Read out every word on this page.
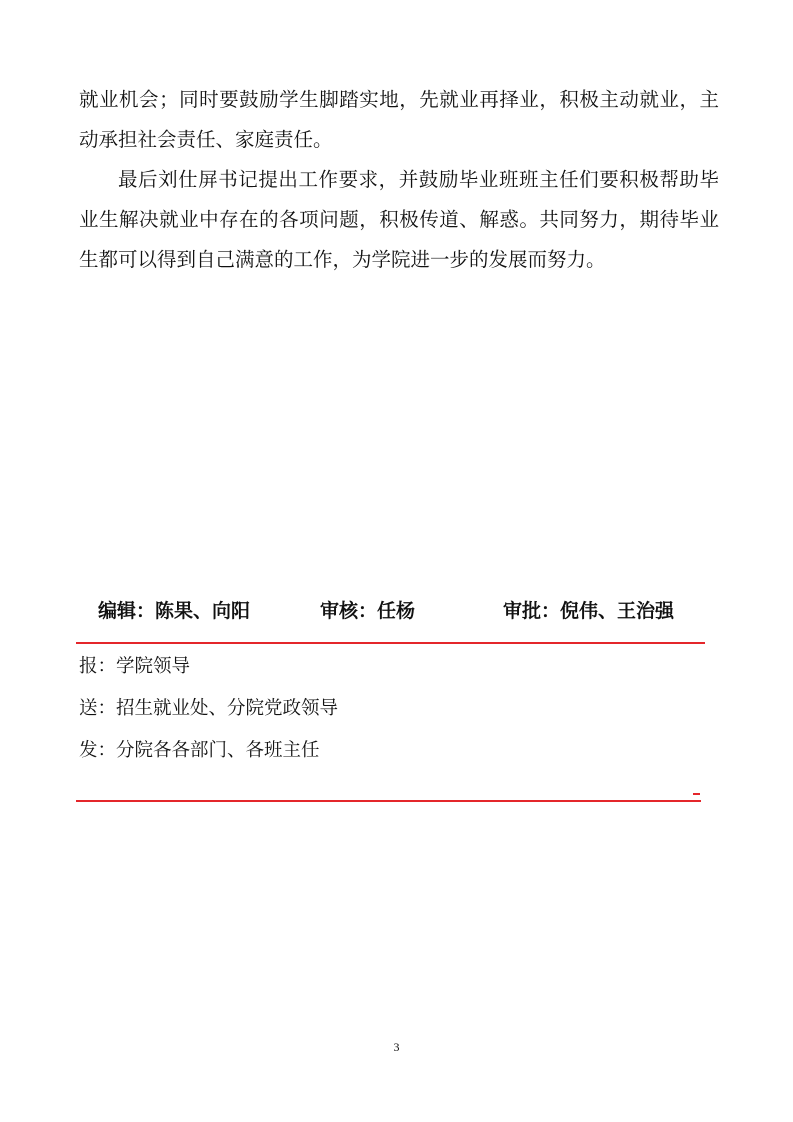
就业机会；同时要鼓励学生脚踏实地，先就业再择业，积极主动就业，主动承担社会责任、家庭责任。

最后刘仕屏书记提出工作要求，并鼓励毕业班班主任们要积极帮助毕业生解决就业中存在的各项问题，积极传道、解惑。共同努力，期待毕业生都可以得到自己满意的工作，为学院进一步的发展而努力。

编辑：陈果、向阳	审核：任杨	审批：倪伟、王治强
报：学院领导
送：招生就业处、分院党政领导
发：分院各各部门、各班主任
3
